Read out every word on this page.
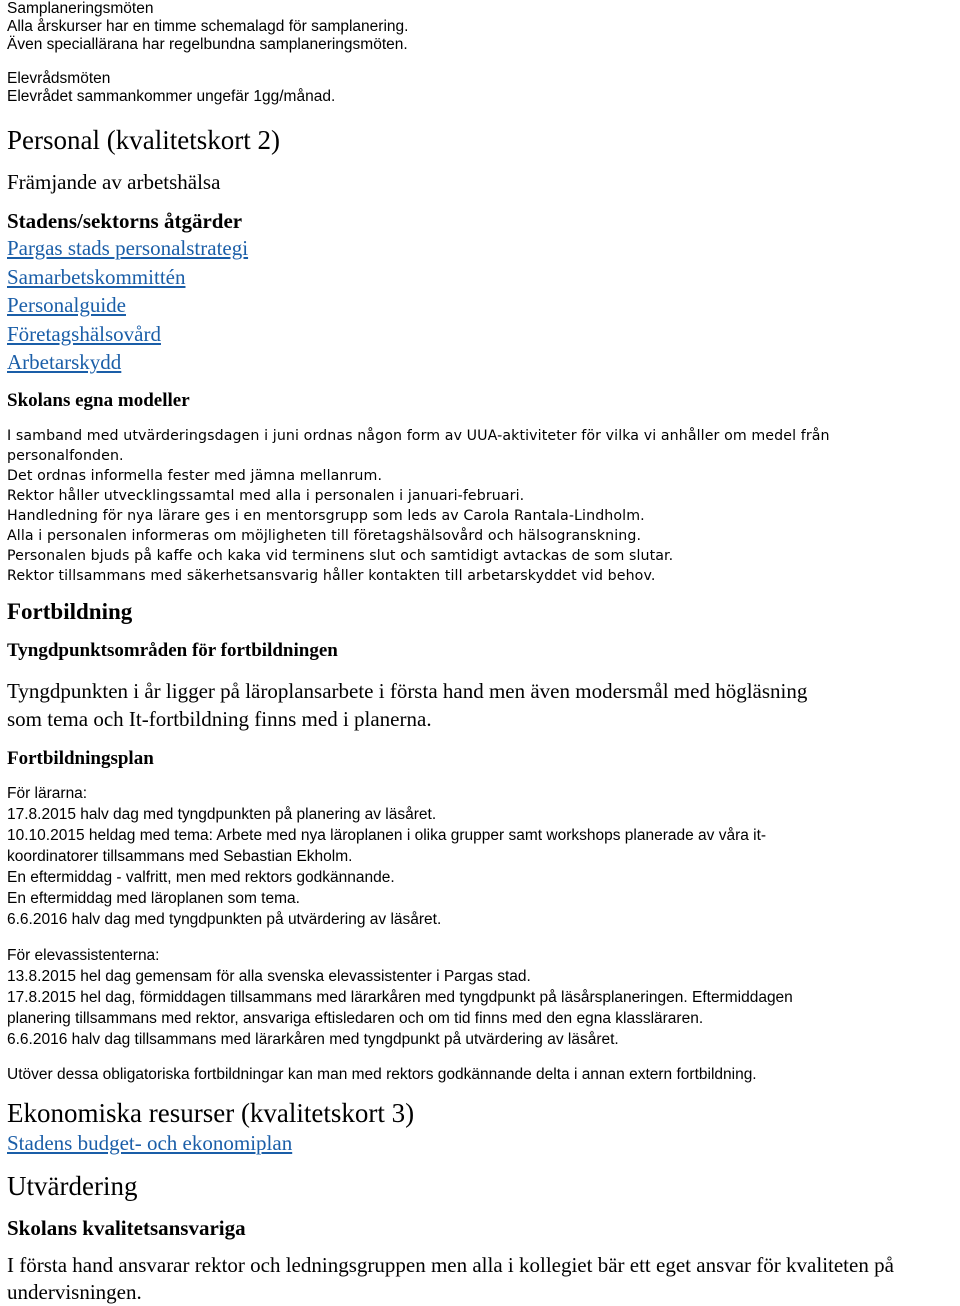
Samplaneringsmöten
Alla årskurser har en timme schemalagd för samplanering.
Även speciallärana har regelbundna samplaneringsmöten.
Elevrådsmöten
Elevrådet sammankommer ungefär 1gg/månad.
Personal (kvalitetskort 2)
Främjande av arbetshälsa
Stadens/sektorns åtgärder
Pargas stads personalstrategi
Samarbetskommittén
Personalguide
Företagshälsovård
Arbetarskydd
Skolans egna modeller
I samband med utvärderingsdagen i juni ordnas någon form av UUA-aktiviteter för vilka vi anhåller om medel från
personalfonden.
Det ordnas informella fester med jämna mellanrum.
Rektor håller utvecklingssamtal med alla i personalen i januari-februari.
Handledning för nya lärare ges i en mentorsgrupp som leds av Carola Rantala-Lindholm.
Alla i personalen informeras om möjligheten till företagshälsovård och hälsogranskning.
Personalen bjuds på kaffe och kaka vid terminens slut och samtidigt avtackas de som slutar.
Rektor tillsammans med säkerhetsansvarig håller kontakten till arbetarskyddet vid behov.
Fortbildning
Tyngdpunktsområden för fortbildningen
Tyngdpunkten i år ligger på läroplansarbete i första hand men även modersmål med högläsning
som tema och It-fortbildning finns med i planerna.
Fortbildningsplan
För lärarna:
17.8.2015 halv dag med tyngdpunkten på planering av läsåret.
10.10.2015 heldag med tema: Arbete med nya läroplanen i olika grupper samt workshops planerade av våra it-
koordinatorer tillsammans med Sebastian Ekholm.
En eftermiddag - valfritt, men med rektors godkännande.
En eftermiddag med läroplanen som tema.
6.6.2016 halv dag med tyngdpunkten på utvärdering av läsåret.
För elevassistenterna:
13.8.2015 hel dag gemensam för alla svenska elevassistenter i Pargas stad.
17.8.2015 hel dag, förmiddagen tillsammans med lärarkåren med tyngdpunkt på läsårsplaneringen. Eftermiddagen
planering tillsammans med rektor, ansvariga eftisledaren och om tid finns med den egna klassläraren.
6.6.2016 halv dag tillsammans med lärarkåren med tyngdpunkt på utvärdering av läsåret.
Utöver dessa obligatoriska fortbildningar kan man med rektors godkännande delta i annan extern fortbildning.
Ekonomiska resurser (kvalitetskort 3)
Stadens budget- och ekonomiplan
Utvärdering
Skolans kvalitetsansvariga
I första hand ansvarar rektor och ledningsgruppen men alla i kollegiet bär ett eget ansvar för kvaliteten på
undervisningen.
